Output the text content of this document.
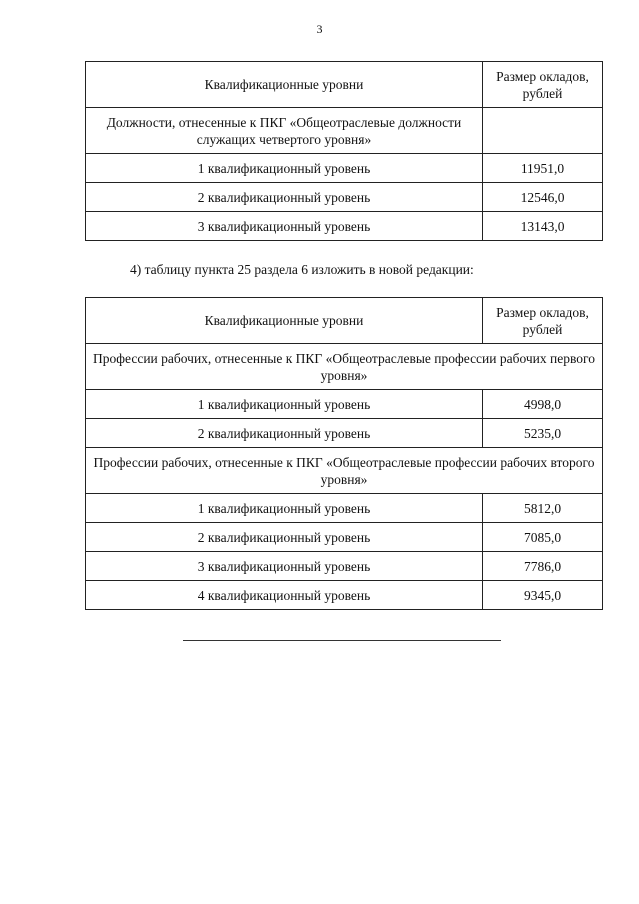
3
Квалификационные уровни	Размер окладов, рублей
Должности, отнесенные к ПКГ «Общеотраслевые должности служащих четвертого уровня»	
1 квалификационный уровень	11951,0
2 квалификационный уровень	12546,0
3 квалификационный уровень	13143,0
4) таблицу пункта 25 раздела 6 изложить в новой редакции:
Квалификационные уровни	Размер окладов, рублей
Профессии рабочих, отнесенные к ПКГ «Общеотраслевые профессии рабочих первого уровня»	
1 квалификационный уровень	4998,0
2 квалификационный уровень	5235,0
Профессии рабочих, отнесенные к ПКГ «Общеотраслевые профессии рабочих второго уровня»	
1 квалификационный уровень	5812,0
2 квалификационный уровень	7085,0
3 квалификационный уровень	7786,0
4 квалификационный уровень	9345,0
